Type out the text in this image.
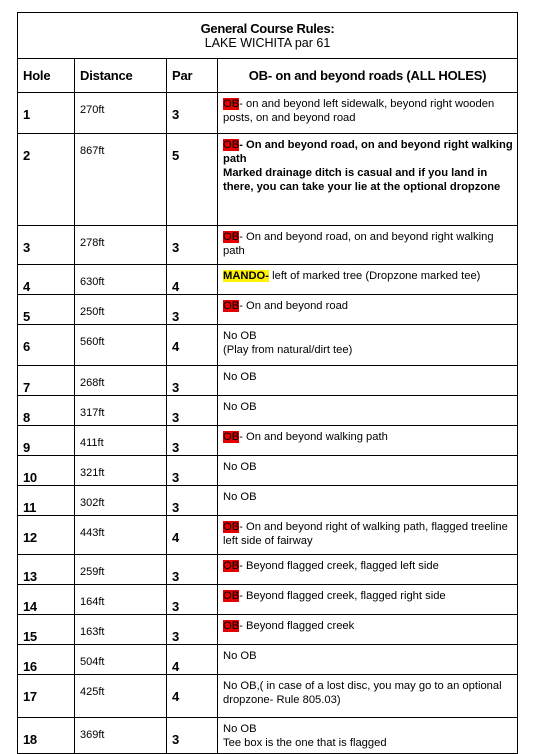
General Course Rules:
LAKE WICHITA par 61			

Hole	Distance	Par	OB- on and beyond roads (ALL HOLES)
1	270ft	3	OB- on and beyond left sidewalk, beyond right wooden posts, on and beyond road
2	867ft	5	OB- On and beyond road, on and beyond right walking path
Marked drainage ditch is casual and if you land in there, you can take your lie at the optional dropzone

3	278ft	3	OB- On and beyond road, on and beyond right walking path
4	630ft	4	MANDO- left of marked tree (Dropzone marked tee)
5	250ft	3	OB- On and beyond road
6	560ft	4	No OB
(Play from natural/dirt tee)

7	268ft	3	No OB
8	317ft	3	No OB
9	411ft	3	OB- On and beyond walking path
10	321ft	3	No OB
11	302ft	3	No OB
12	443ft	4	OB- On and beyond right of walking path, flagged treeline left side of fairway
13	259ft	3	OB- Beyond flagged creek, flagged left side
14	164ft	3	OB- Beyond flagged creek, flagged right side
15	163ft	3	OB- Beyond flagged creek
16	504ft	4	No OB
17	425ft	4	No OB,( in case of a lost disc, you may go to an optional dropzone- Rule 805.03)
18	369ft	3	No OB
Tee box is the one that is flagged
